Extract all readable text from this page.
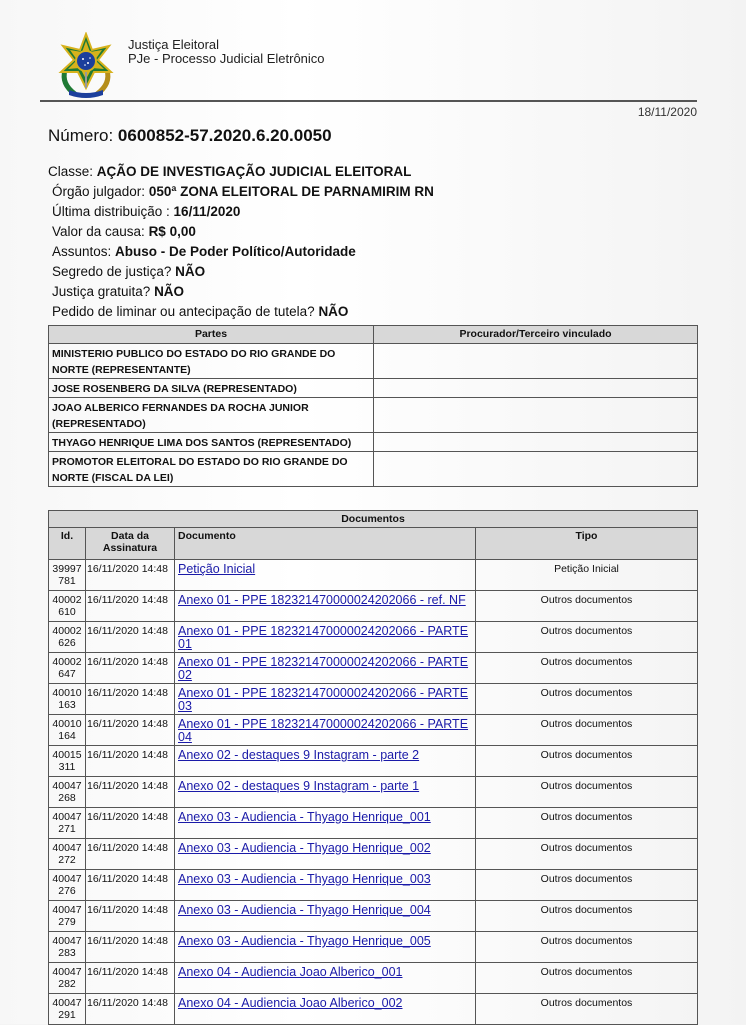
Justiça Eleitoral
PJe - Processo Judicial Eletrônico
18/11/2020
Número: 0600852-57.2020.6.20.0050
Classe: AÇÃO DE INVESTIGAÇÃO JUDICIAL ELEITORAL
Órgão julgador: 050ª ZONA ELEITORAL DE PARNAMIRIM RN
Última distribuição : 16/11/2020
Valor da causa: R$ 0,00
Assuntos: Abuso - De Poder Político/Autoridade
Segredo de justiça? NÃO
Justiça gratuita? NÃO
Pedido de liminar ou antecipação de tutela? NÃO
Partes	Procurador/Terceiro vinculado
MINISTERIO PUBLICO DO ESTADO DO RIO GRANDE DO NORTE (REPRESENTANTE)	
JOSE ROSENBERG DA SILVA (REPRESENTADO)	
JOAO ALBERICO FERNANDES DA ROCHA JUNIOR (REPRESENTADO)	
THYAGO HENRIQUE LIMA DOS SANTOS (REPRESENTADO)	
PROMOTOR ELEITORAL DO ESTADO DO RIO GRANDE DO NORTE (FISCAL DA LEI)	
Documentos			
Id.	Data da Assinatura	Documento	Tipo
39997 781	16/11/2020 14:48	Petição Inicial	Petição Inicial
40002 610	16/11/2020 14:48	Anexo 01 - PPE 182321470000024202066 - ref. NF	Outros documentos
40002 626	16/11/2020 14:48	Anexo 01 - PPE 182321470000024202066 - PARTE 01	Outros documentos
40002 647	16/11/2020 14:48	Anexo 01 - PPE 182321470000024202066 - PARTE 02	Outros documentos
40010 163	16/11/2020 14:48	Anexo 01 - PPE 182321470000024202066 - PARTE 03	Outros documentos
40010 164	16/11/2020 14:48	Anexo 01 - PPE 182321470000024202066 - PARTE 04	Outros documentos
40015 311	16/11/2020 14:48	Anexo 02 - destaques 9 Instagram - parte 2	Outros documentos
40047 268	16/11/2020 14:48	Anexo 02 - destaques 9 Instagram - parte 1	Outros documentos
40047 271	16/11/2020 14:48	Anexo 03 - Audiencia - Thyago Henrique_001	Outros documentos
40047 272	16/11/2020 14:48	Anexo 03 - Audiencia - Thyago Henrique_002	Outros documentos
40047 276	16/11/2020 14:48	Anexo 03 - Audiencia - Thyago Henrique_003	Outros documentos
40047 279	16/11/2020 14:48	Anexo 03 - Audiencia - Thyago Henrique_004	Outros documentos
40047 283	16/11/2020 14:48	Anexo 03 - Audiencia - Thyago Henrique_005	Outros documentos
40047 282	16/11/2020 14:48	Anexo 04 - Audiencia Joao Alberico_001	Outros documentos
40047 291	16/11/2020 14:48	Anexo 04 - Audiencia Joao Alberico_002	Outros documentos
